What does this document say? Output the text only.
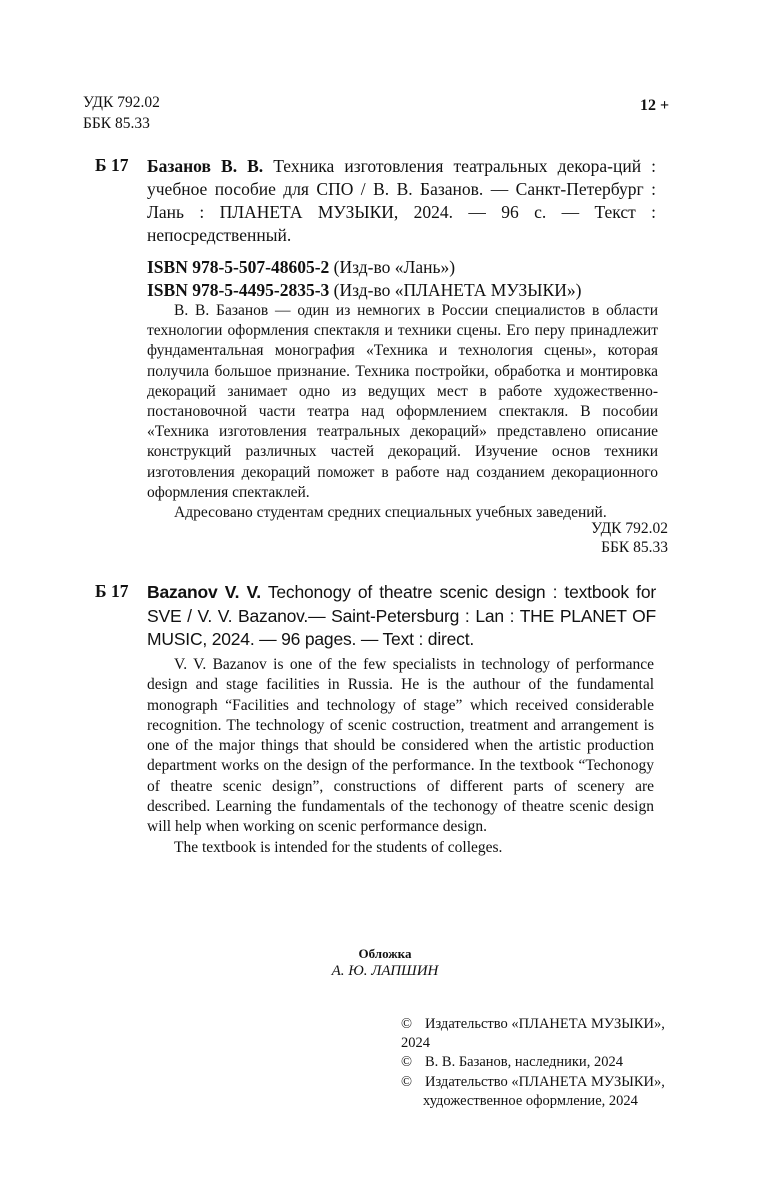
УДК 792.02
ББК 85.33
12 +
Б 17 Базанов В. В. Техника изготовления театральных декора-ций : учебное пособие для СПО / В. В. Базанов. — Санкт-Петербург : Лань : ПЛАНЕТА МУЗЫКИ, 2024. — 96 с. — Текст : непосредственный.
ISBN 978-5-507-48605-2 (Изд-во «Лань»)
ISBN 978-5-4495-2835-3 (Изд-во «ПЛАНЕТА МУЗЫКИ»)

В. В. Базанов — один из немногих в России специалистов в области технологии оформления спектакля и техники сцены. Его перу принадлежит фундаментальная монография «Техника и технология сцены», которая получила большое признание. Техника постройки, обработка и монтировка декораций занимает одно из ведущих мест в работе художественно-постановочной части театра над оформлением спектакля. В пособии «Техника изготовления театральных декораций» представлено описание конструкций различных частей декораций. Изучение основ техники изготовления декораций поможет в работе над созданием декорационного оформления спектаклей.

Адресовано студентам средних специальных учебных заведений.

УДК 792.02
ББК 85.33
Б 17 Bazanov V. V. Techonogy of theatre scenic design : textbook for SVE / V. V. Bazanov.— Saint-Petersburg : Lan : THE PLANET OF MUSIC, 2024. — 96 pages. — Text : direct.

V. V. Bazanov is one of the few specialists in technology of performance design and stage facilities in Russia. He is the authour of the fundamental monograph “Facilities and technology of stage” which received considerable recognition. The technology of scenic costruction, treatment and arrangement is one of the major things that should be considered when the artistic production department works on the design of the performance. In the textbook “Techonogy of theatre scenic design”, constructions of different parts of scenery are described. Learning the fundamentals of the techonogy of theatre scenic design will help when working on scenic performance design.

The textbook is intended for the students of colleges.

Обложка
А. Ю. ЛАПШИН
© Издательство «ПЛАНЕТА МУЗЫКИ»,
2024
© В. В. Базанов, наследники, 2024
© Издательство «ПЛАНЕТА МУЗЫКИ»,
художественное оформление, 2024
